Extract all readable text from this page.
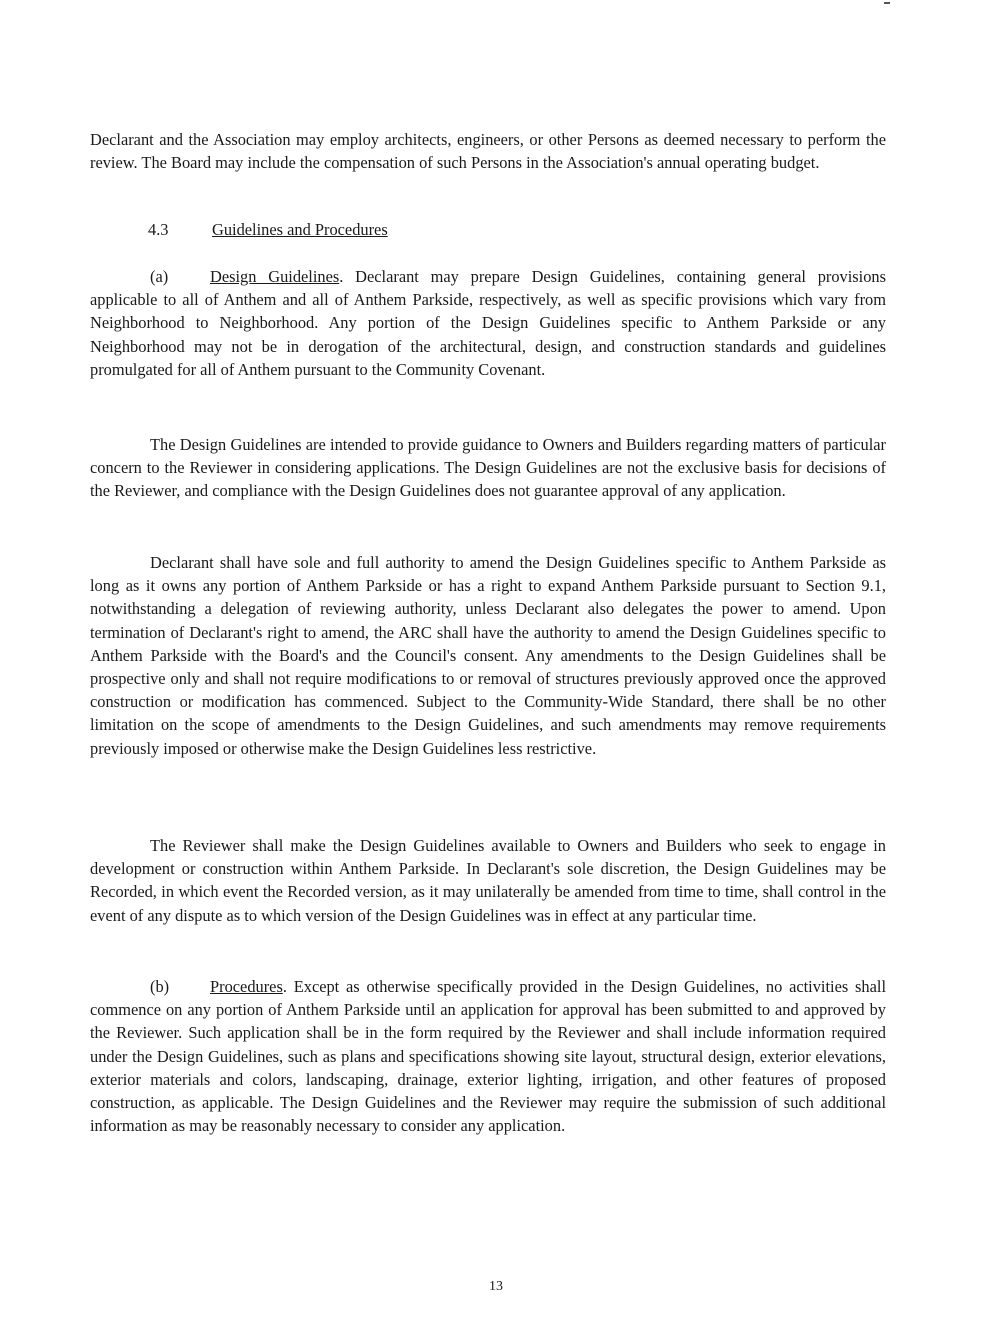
Declarant and the Association may employ architects, engineers, or other Persons as deemed necessary to perform the review. The Board may include the compensation of such Persons in the Association's annual operating budget.

4.3	Guidelines and Procedures

(a)	Design Guidelines. Declarant may prepare Design Guidelines, containing general provisions applicable to all of Anthem and all of Anthem Parkside, respectively, as well as specific provisions which vary from Neighborhood to Neighborhood. Any portion of the Design Guidelines specific to Anthem Parkside or any Neighborhood may not be in derogation of the architectural, design, and construction standards and guidelines promulgated for all of Anthem pursuant to the Community Covenant.

The Design Guidelines are intended to provide guidance to Owners and Builders regarding matters of particular concern to the Reviewer in considering applications. The Design Guidelines are not the exclusive basis for decisions of the Reviewer, and compliance with the Design Guidelines does not guarantee approval of any application.

Declarant shall have sole and full authority to amend the Design Guidelines specific to Anthem Parkside as long as it owns any portion of Anthem Parkside or has a right to expand Anthem Parkside pursuant to Section 9.1, notwithstanding a delegation of reviewing authority, unless Declarant also delegates the power to amend. Upon termination of Declarant's right to amend, the ARC shall have the authority to amend the Design Guidelines specific to Anthem Parkside with the Board's and the Council's consent. Any amendments to the Design Guidelines shall be prospective only and shall not require modifications to or removal of structures previously approved once the approved construction or modification has commenced. Subject to the Community-Wide Standard, there shall be no other limitation on the scope of amendments to the Design Guidelines, and such amendments may remove requirements previously imposed or otherwise make the Design Guidelines less restrictive.

The Reviewer shall make the Design Guidelines available to Owners and Builders who seek to engage in development or construction within Anthem Parkside. In Declarant's sole discretion, the Design Guidelines may be Recorded, in which event the Recorded version, as it may unilaterally be amended from time to time, shall control in the event of any dispute as to which version of the Design Guidelines was in effect at any particular time.

(b) Procedures. Except as otherwise specifically provided in the Design Guidelines, no activities shall commence on any portion of Anthem Parkside until an application for approval has been submitted to and approved by the Reviewer. Such application shall be in the form required by the Reviewer and shall include information required under the Design Guidelines, such as plans and specifications showing site layout, structural design, exterior elevations, exterior materials and colors, landscaping, drainage, exterior lighting, irrigation, and other features of proposed construction, as applicable. The Design Guidelines and the Reviewer may require the submission of such additional information as may be reasonably necessary to consider any application.

13
